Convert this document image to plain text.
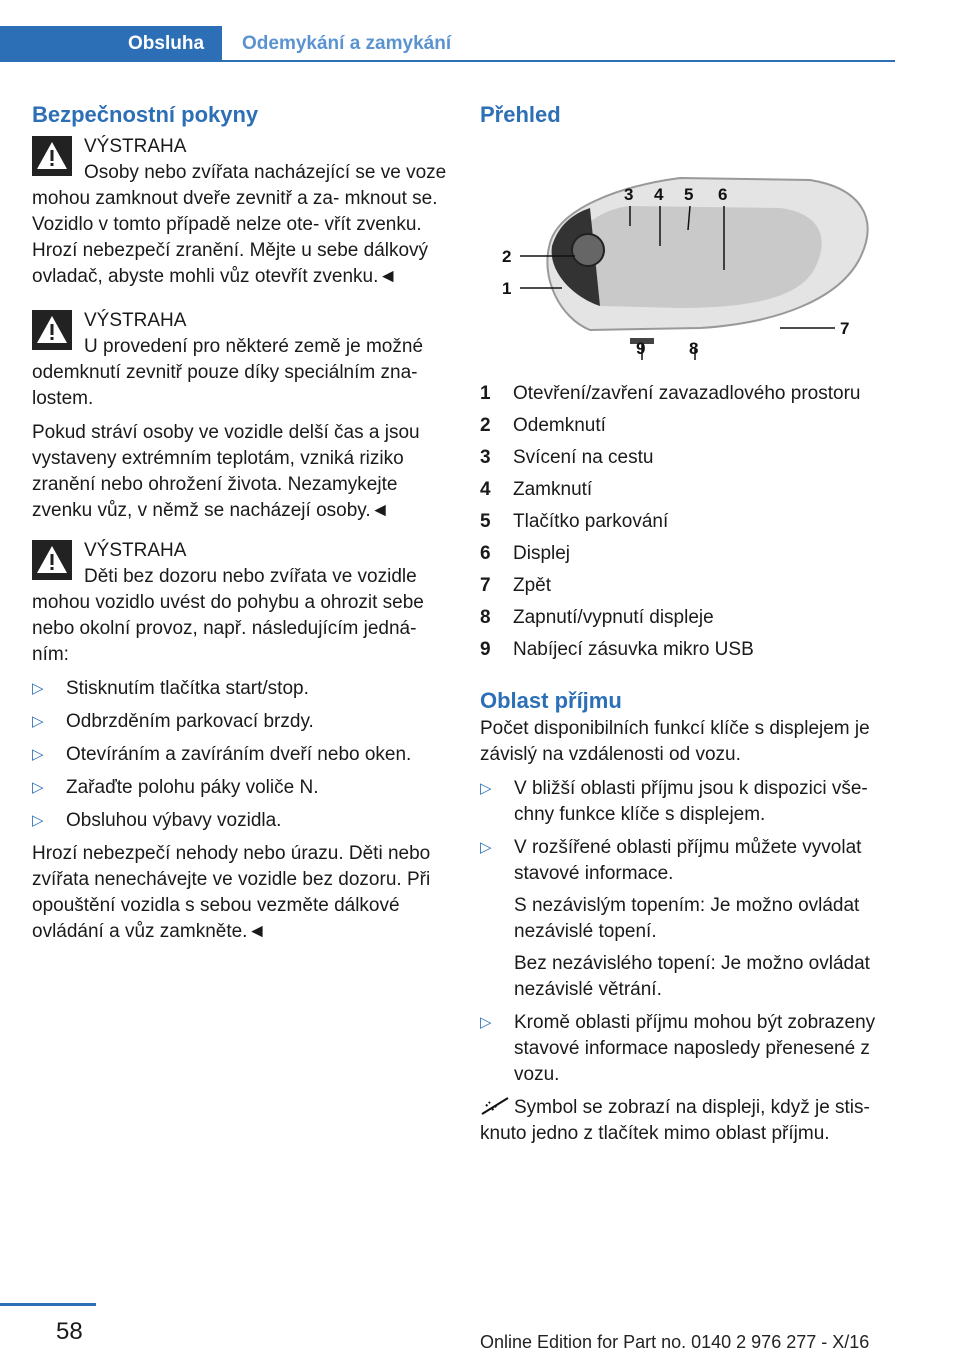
Obsluha	Odemykání a zamykání
Bezpečnostní pokyny
VÝSTRAHA
Osoby nebo zvířata nacházející se ve voze mohou zamknout dveře zevnitř a za- mknout se. Vozidlo v tomto případě nelze ote- vřít zvenku. Hrozí nebezpečí zranění. Mějte u sebe dálkový ovladač, abyste mohli vůz otevřít zvenku.◄
VÝSTRAHA

U provedení pro některé země je možné odemknutí zevnitř pouze díky speciálním zna- lostem.

Pokud stráví osoby ve vozidle delší čas a jsou vystaveny extrémním teplotám, vzniká riziko zranění nebo ohrožení života. Nezamykejte zvenku vůz, v němž se nacházejí osoby.◄

VÝSTRAHA

Děti bez dozoru nebo zvířata ve vozidle mohou vozidlo uvést do pohybu a ohrozit sebe nebo okolní provoz, např. následujícím jedná- ním:

▷ Stisknutím tlačítka start/stop.
▷ Odbrzděním parkovací brzdy.
▷ Otevíráním a zavíráním dveří nebo oken.
▷ Zařaďte polohu páky voliče N.
▷ Obsluhou výbavy vozidla.

Hrozí nebezpečí nehody nebo úrazu. Děti nebo zvířata nenechávejte ve vozidle bez dozoru. Při opouštění vozidla s sebou vezměte dálkové ovládání a vůz zamkněte.◄

Přehled
1
2
3 4 5 6
7
8
9
1	Otevření/zavření zavazadlového prostoru
2	Odemknutí
3	Svícení na cestu
4	Zamknutí
5	Tlačítko parkování
6	Displej
7	Zpět
8	Zapnutí/vypnutí displeje
9	Nabíjecí zásuvka mikro USB
Oblast příjmu

Počet disponibilních funkcí klíče s displejem je závislý na vzdálenosti od vozu.

▷ V bližší oblasti příjmu jsou k dispozici vše- chny funkce klíče s displejem.
▷ V rozšířené oblasti příjmu můžete vyvolat stavové informace.
S nezávislým topením: Je možno ovládat nezávislé topení.
Bez nezávislého topení: Je možno ovládat nezávislé větrání.
▷ Kromě oblasti příjmu mohou být zobrazeny stavové informace naposledy přenesené z vozu.

Symbol se zobrazí na displeji, když je stis- knuto jedno z tlačítek mimo oblast příjmu.

58	Online Edition for Part no. 0140 2 976 277 - X/16
